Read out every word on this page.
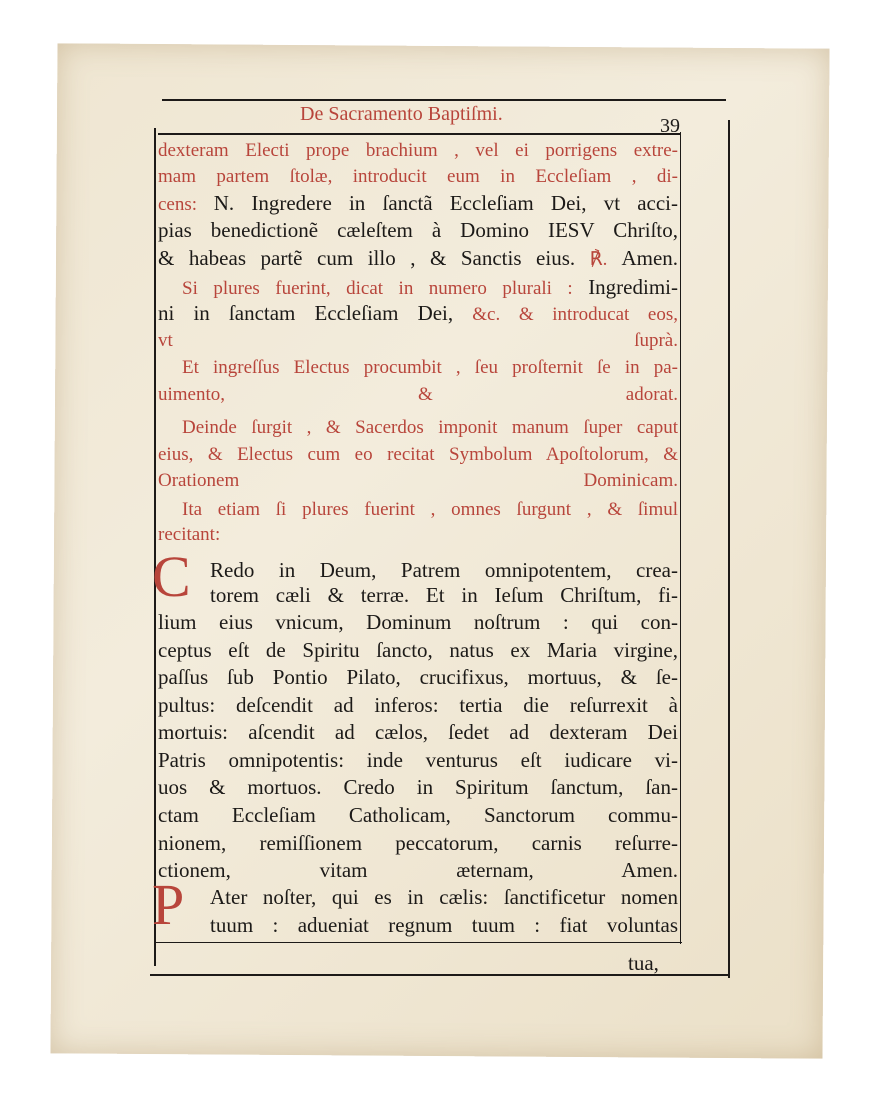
De Sacramento Baptiſmi.
39
dexteram Electi prope brachium , vel ei porrigens extre-
mam partem ſtolæ, introducit eum in Eccleſiam , di-
cens: N. Ingredere in ſanctã Eccleſiam Dei, vt acci-
pias benedictionẽ cæleſtem à Domino IESV Chriſto,
& habeas partẽ cum illo , & Sanctis eius. ℟. Amen.
Si plures fuerint, dicat in numero plurali : Ingredimi-
ni in ſanctam Eccleſiam Dei, &c. & introducat eos,
vt ſuprà.
Et ingreſſus Electus procumbit , ſeu proſternit ſe in pa-
uimento, & adorat.
Deinde ſurgit , & Sacerdos imponit manum ſuper caput
eius, & Electus cum eo recitat Symbolum Apoſtolorum, &
Orationem Dominicam.
Ita etiam ſi plures fuerint , omnes ſurgunt , & ſimul
recitant:
Redo in Deum, Patrem omnipotentem, crea-
torem cæli & terræ. Et in Ieſum Chriſtum, fi-
lium eius vnicum, Dominum noſtrum : qui con-
ceptus eſt de Spiritu ſancto, natus ex Maria virgine,
paſſus ſub Pontio Pilato, crucifixus, mortuus, & ſe-
pultus: deſcendit ad inferos: tertia die reſurrexit à
mortuis: aſcendit ad cælos, ſedet ad dexteram Dei
Patris omnipotentis: inde venturus eſt iudicare vi-
uos & mortuos. Credo in Spiritum ſanctum, ſan-
ctam Eccleſiam Catholicam, Sanctorum commu-
nionem, remiſſionem peccatorum, carnis reſurre-
ctionem, vitam æternam, Amen.
Ater noſter, qui es in cælis: ſanctificetur nomen
tuum : adueniat regnum tuum : fiat voluntas
C
P
tua,
